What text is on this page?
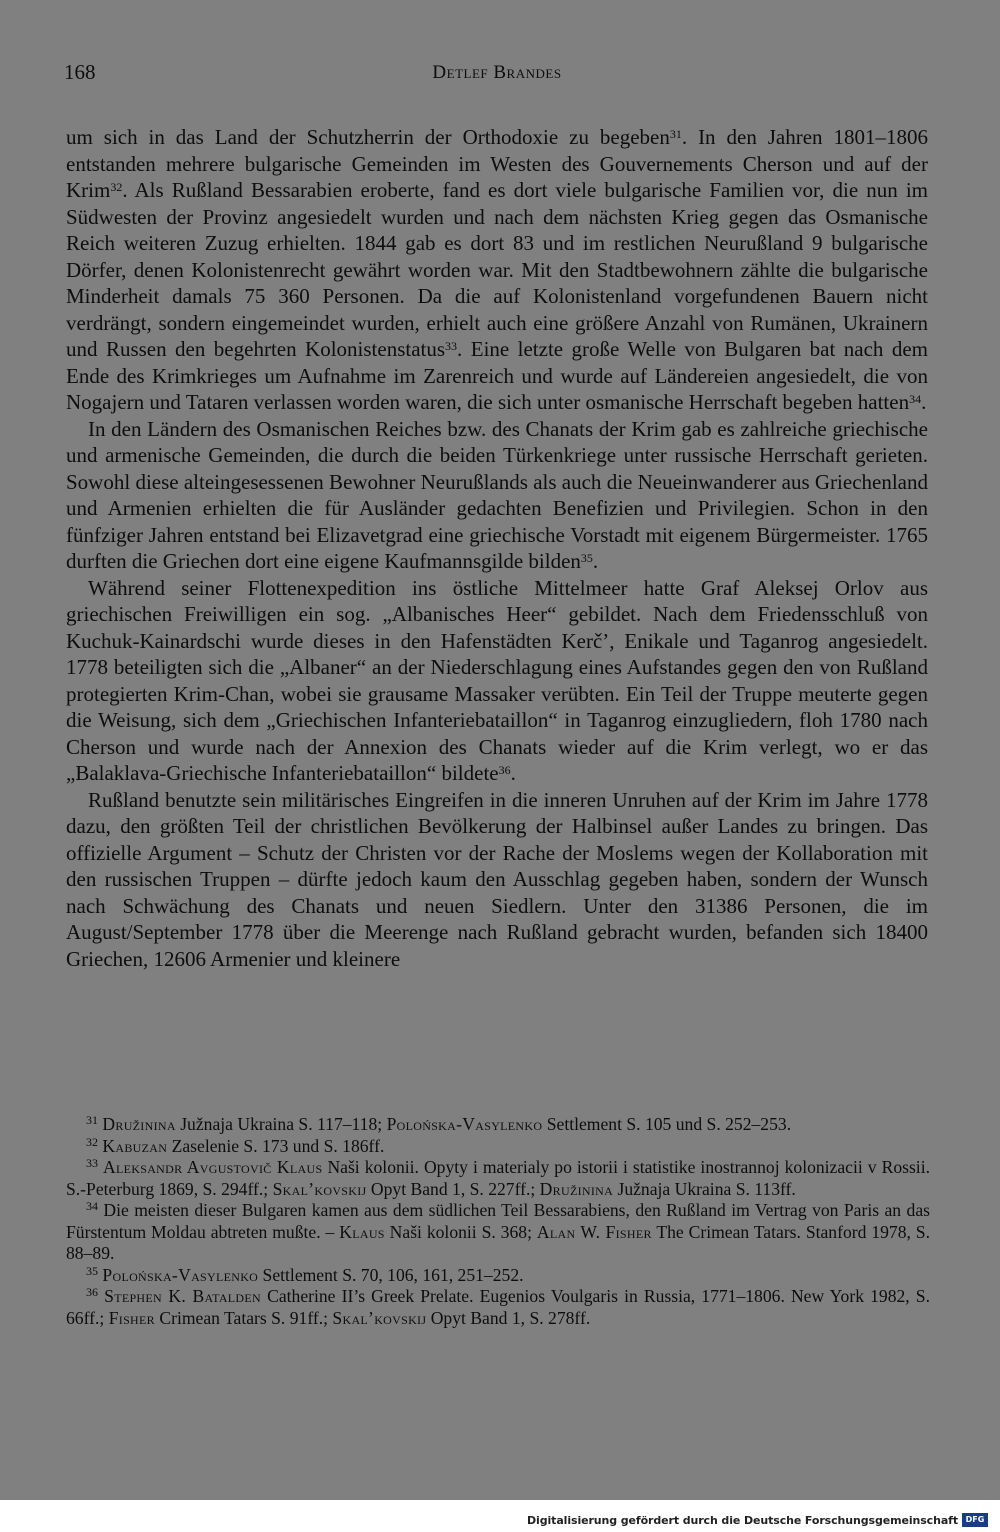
168	Detlef Brandes

um sich in das Land der Schutzherrin der Orthodoxie zu begeben$^{31}$. In den Jahren 1801–1806 entstanden mehrere bulgarische Gemeinden im Westen des Gouvernements Cherson und auf der Krim$^{32}$. Als Rußland Bessarabien eroberte, fand es dort viele bulgarische Familien vor, die nun im Südwesten der Provinz angesiedelt wurden und nach dem nächsten Krieg gegen das Osmanische Reich weiteren Zuzug erhielten. 1844 gab es dort 83 und im restlichen Neurußland 9 bulgarische Dörfer, denen Kolonistenrecht gewährt worden war. Mit den Stadtbewohnern zählte die bulgarische Minderheit damals 75 360 Personen. Da die auf Kolonistenland vorgefundenen Bauern nicht verdrängt, sondern eingemeindet wurden, erhielt auch eine größere Anzahl von Rumänen, Ukrainern und Russen den begehrten Kolonistenstatus$^{33}$. Eine letzte große Welle von Bulgaren bat nach dem Ende des Krimkrieges um Aufnahme im Zarenreich und wurde auf Ländereien angesiedelt, die von Nogajern und Tataren verlassen worden waren, die sich unter osmanische Herrschaft begeben hatten$^{34}$.

In den Ländern des Osmanischen Reiches bzw. des Chanats der Krim gab es zahlreiche griechische und armenische Gemeinden, die durch die beiden Türkenkriege unter russische Herrschaft gerieten. Sowohl diese alteingesessenen Bewohner Neurußlands als auch die Neueinwanderer aus Griechenland und Armenien erhielten die für Ausländer gedachten Benefizien und Privilegien. Schon in den fünfziger Jahren entstand bei Elizavetgrad eine griechische Vorstadt mit eigenem Bürgermeister. 1765 durften die Griechen dort eine eigene Kaufmannsgilde bilden$^{35}$.

Während seiner Flottenexpedition ins östliche Mittelmeer hatte Graf Aleksej Orlov aus griechischen Freiwilligen ein sog. „Albanisches Heer“ gebildet. Nach dem Friedensschluß von Kuchuk-Kainardschi wurde dieses in den Hafenstädten Kerč’, Enikale und Taganrog angesiedelt. 1778 beteiligten sich die „Albaner“ an der Niederschlagung eines Aufstandes gegen den von Rußland protegierten Krim-Chan, wobei sie grausame Massaker verübten. Ein Teil der Truppe meuterte gegen die Weisung, sich dem „Griechischen Infanteriebataillon“ in Taganrog einzugliedern, floh 1780 nach Cherson und wurde nach der Annexion des Chanats wieder auf die Krim verlegt, wo er das „Balaklava-Griechische Infanteriebataillon“ bildete$^{36}$.

Rußland benutzte sein militärisches Eingreifen in die inneren Unruhen auf der Krim im Jahre 1778 dazu, den größten Teil der christlichen Bevölkerung der Halbinsel außer Landes zu bringen. Das offizielle Argument – Schutz der Christen vor der Rache der Moslems wegen der Kollaboration mit den russischen Truppen – dürfte jedoch kaum den Ausschlag gegeben haben, sondern der Wunsch nach Schwächung des Chanats und neuen Siedlern. Unter den 31386 Personen, die im August/September 1778 über die Meerenge nach Rußland gebracht wurden, befanden sich 18400 Griechen, 12606 Armenier und kleinere

$^{31}$ Družinina Južnaja Ukraina S. 117–118; Polońska-Vasylenko Settlement S. 105 und S. 252–253.

$^{32}$ Kabuzan Zaselenie S. 173 und S. 186ff.

$^{33}$ Aleksandr Avgustovič Klaus Naši kolonii. Opyty i materialy po istorii i statistike inostrannoj kolonizacii v Rossii. S.-Peterburg 1869, S. 294ff.; Skal’kovskij Opyt Band 1, S. 227ff.; Družinina Južnaja Ukraina S. 113ff.

$^{34}$ Die meisten dieser Bulgaren kamen aus dem südlichen Teil Bessarabiens, den Rußland im Vertrag von Paris an das Fürstentum Moldau abtreten mußte. – Klaus Naši kolonii S. 368; Alan W. Fisher The Crimean Tatars. Stanford 1978, S. 88–89.

$^{35}$ Polońska-Vasylenko Settlement S. 70, 106, 161, 251–252.

$^{36}$ Stephen K. Batalden Catherine II’s Greek Prelate. Eugenios Voulgaris in Russia, 1771–1806. New York 1982, S. 66ff.; Fisher Crimean Tatars S. 91ff.; Skal’kovskij Opyt Band 1, S. 278ff.

Digitalisierung gefördert durch die Deutsche Forschungsgemeinschaft DFG
